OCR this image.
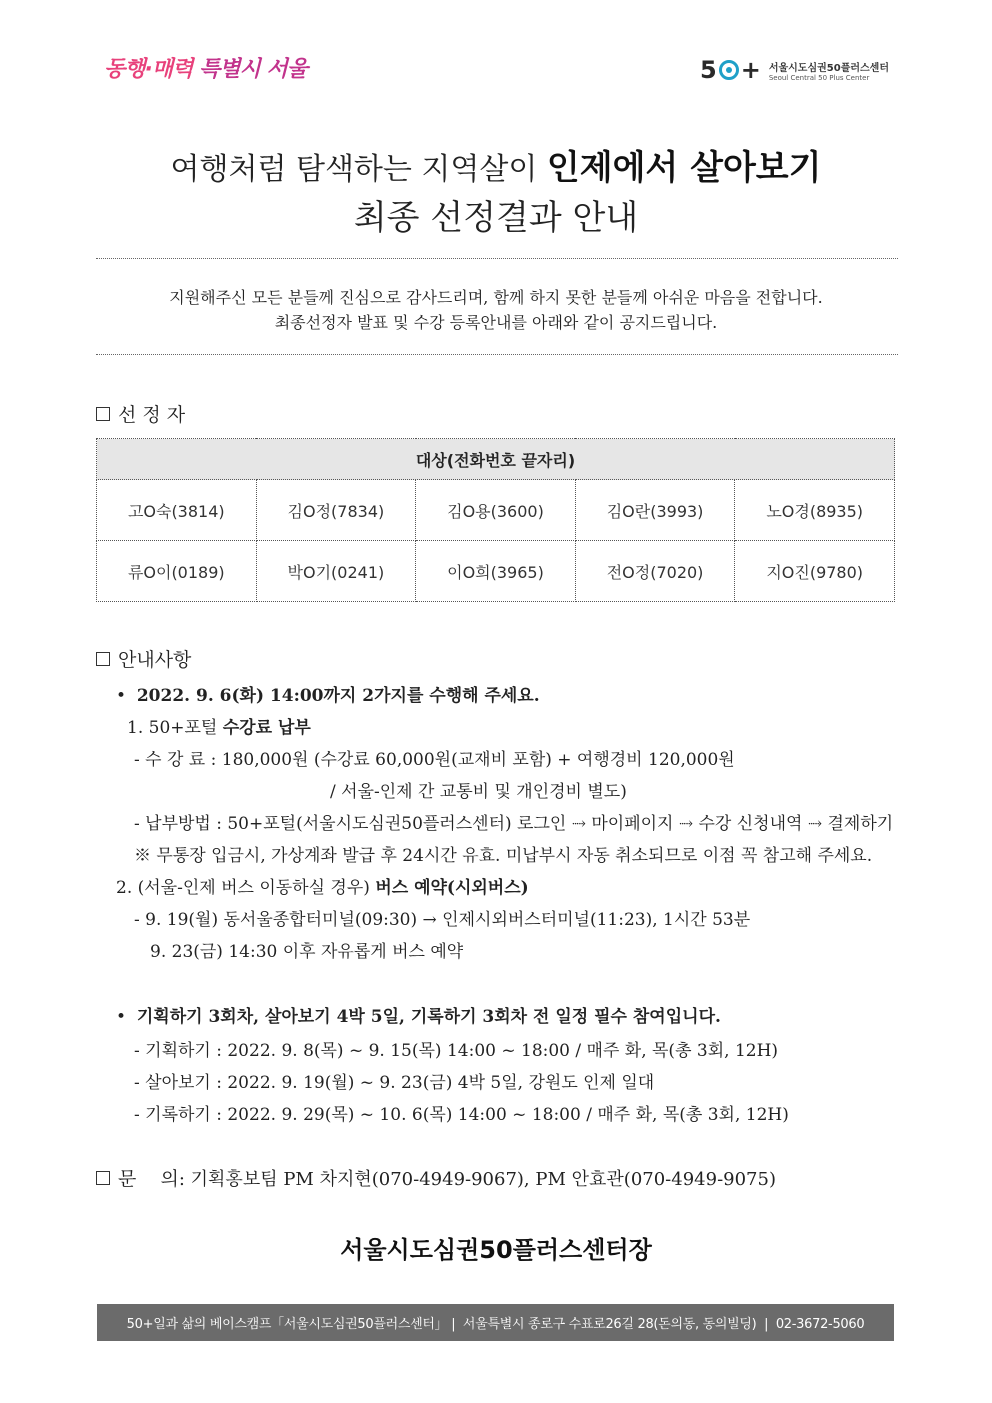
동행·매력 특별시 서울	5 + 서울시도심권50플러스센터
Seoul Central 50 Plus Center
여행처럼 탐색하는 지역살이 인제에서 살아보기
최종 선정결과 안내
지원해주신 모든 분들께 진심으로 감사드리며, 함께 하지 못한 분들께 아쉬운 마음을 전합니다.
최종선정자 발표 및 수강 등록안내를 아래와 같이 공지드립니다.
선 정 자
대상(전화번호 끝자리)				
고O숙(3814)	김O정(7834)	김O용(3600)	김O란(3993)	노O경(8935)
류O이(0189)	박O기(0241)	이O희(3965)	전O정(7020)	지O진(9780)
안내사항
•  2022. 9. 6(화) 14:00까지 2가지를 수행해 주세요.
1. 50+포털 수강료 납부
- 수 강 료 : 180,000원 (수강료 60,000원(교재비 포함) + 여행경비 120,000원
/ 서울-인제 간 교통비 및 개인경비 별도)
- 납부방법 : 50+포털(서울시도심권50플러스센터) 로그인 ⤑ 마이페이지 ⤑ 수강 신청내역 ⤑ 결제하기
※ 무통장 입금시, 가상계좌 발급 후 24시간 유효. 미납부시 자동 취소되므로 이점 꼭 참고해 주세요.
2. (서울-인제 버스 이동하실 경우) 버스 예약(시외버스)
- 9. 19(월) 동서울종합터미널(09:30) → 인제시외버스터미널(11:23), 1시간 53분
9. 23(금) 14:30 이후 자유롭게 버스 예약
•  기획하기 3회차, 살아보기 4박 5일, 기록하기 3회차 전 일정 필수 참여입니다.
- 기획하기 : 2022. 9. 8(목) ~ 9. 15(목) 14:00 ~ 18:00 / 매주 화, 목(총 3회, 12H)
- 살아보기 : 2022. 9. 19(월) ~ 9. 23(금) 4박 5일, 강원도 인제 일대
- 기록하기 : 2022. 9. 29(목) ~ 10. 6(목) 14:00 ~ 18:00 / 매주 화, 목(총 3회, 12H)
문    의 : 기획홍보팀 PM 차지현(070-4949-9067), PM 안효관(070-4949-9075)
서울시도심권50플러스센터장
50+일과 삶의 베이스캠프「서울시도심권50플러스센터」 |  서울특별시 종로구 수표로26길 28(돈의동, 동의빌딩)  |  02-3672-5060
